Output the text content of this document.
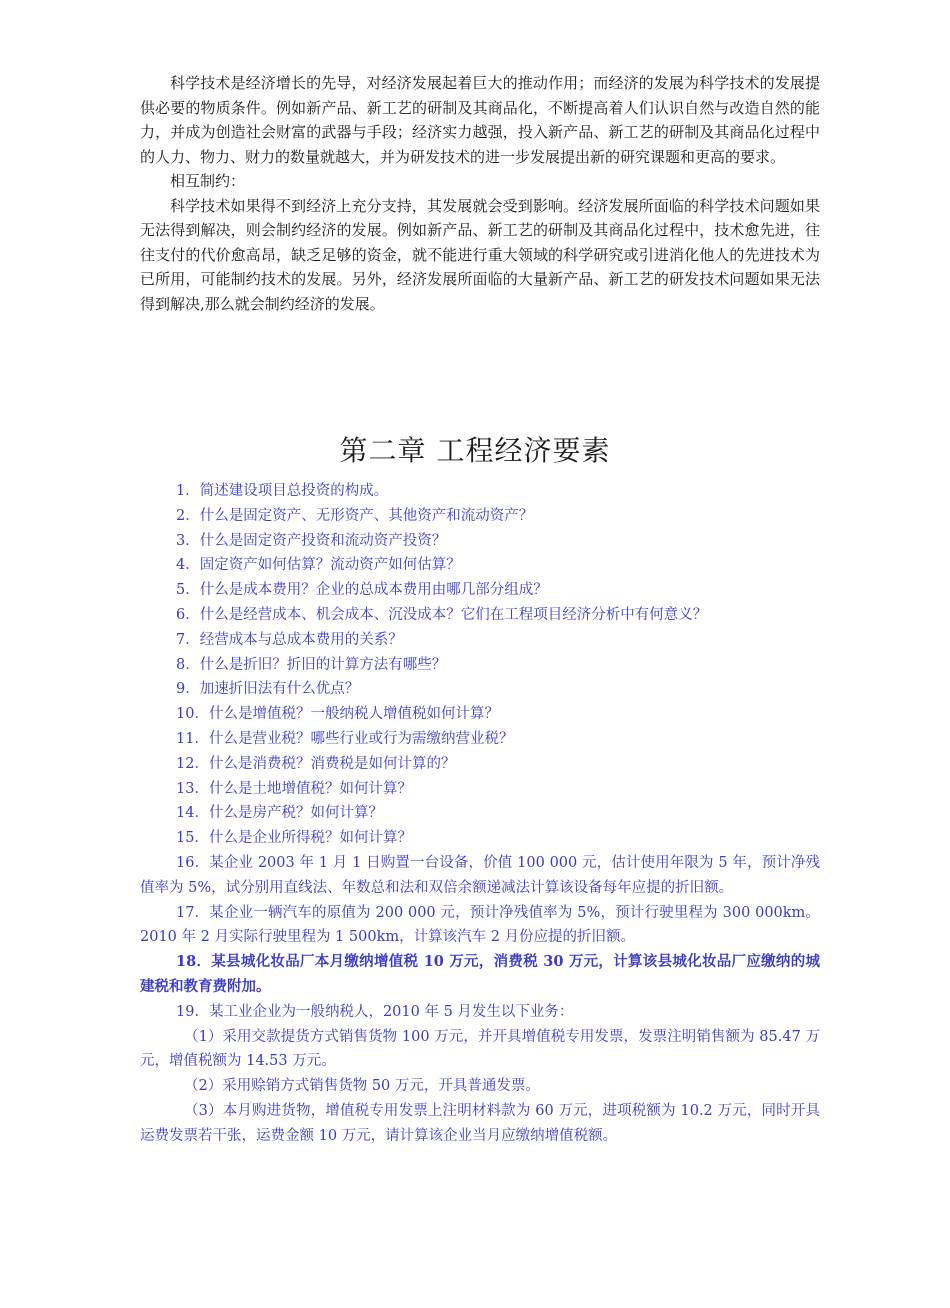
科学技术是经济增长的先导，对经济发展起着巨大的推动作用；而经济的发展为科学技术的发展提供必要的物质条件。例如新产品、新工艺的研制及其商品化，不断提高着人们认识自然与改造自然的能力，并成为创造社会财富的武器与手段；经济实力越强，投入新产品、新工艺的研制及其商品化过程中的人力、物力、财力的数量就越大，并为研发技术的进一步发展提出新的研究课题和更高的要求。

相互制约：

科学技术如果得不到经济上充分支持，其发展就会受到影响。经济发展所面临的科学技术问题如果无法得到解决，则会制约经济的发展。例如新产品、新工艺的研制及其商品化过程中，技术愈先进，往往支付的代价愈高昂，缺乏足够的资金，就不能进行重大领域的科学研究或引进消化他人的先进技术为已所用，可能制约技术的发展。另外，经济发展所面临的大量新产品、新工艺的研发技术问题如果无法得到解决,那么就会制约经济的发展。

第二章 工程经济要素

1．简述建设项目总投资的构成。

2．什么是固定资产、无形资产、其他资产和流动资产？

3．什么是固定资产投资和流动资产投资？

4．固定资产如何估算？流动资产如何估算？

5．什么是成本费用？企业的总成本费用由哪几部分组成？

6．什么是经营成本、机会成本、沉没成本？它们在工程项目经济分析中有何意义？

7．经营成本与总成本费用的关系？

8．什么是折旧？折旧的计算方法有哪些？

9．加速折旧法有什么优点？

10．什么是增值税？一般纳税人增值税如何计算？

11．什么是营业税？哪些行业或行为需缴纳营业税？

12．什么是消费税？消费税是如何计算的？

13．什么是土地增值税？如何计算？

14．什么是房产税？如何计算？

15．什么是企业所得税？如何计算？

16．某企业 2003 年 1 月 1 日购置一台设备，价值 100 000 元，估计使用年限为 5 年，预计净残值率为 5%，试分别用直线法、年数总和法和双倍余额递减法计算该设备每年应提的折旧额。

17．某企业一辆汽车的原值为 200 000 元，预计净残值率为 5%，预计行驶里程为 300 000km。2010 年 2 月实际行驶里程为 1 500km，计算该汽车 2 月份应提的折旧额。

18．某县城化妆品厂本月缴纳增值税 10 万元，消费税 30 万元，计算该县城化妆品厂应缴纳的城建税和教育费附加。

19．某工业企业为一般纳税人，2010 年 5 月发生以下业务：

（1）采用交款提货方式销售货物 100 万元，并开具增值税专用发票，发票注明销售额为 85.47 万元，增值税额为 14.53 万元。

（2）采用赊销方式销售货物 50 万元，开具普通发票。

（3）本月购进货物，增值税专用发票上注明材料款为 60 万元，进项税额为 10.2 万元，同时开具运费发票若干张，运费金额 10 万元，请计算该企业当月应缴纳增值税额。
